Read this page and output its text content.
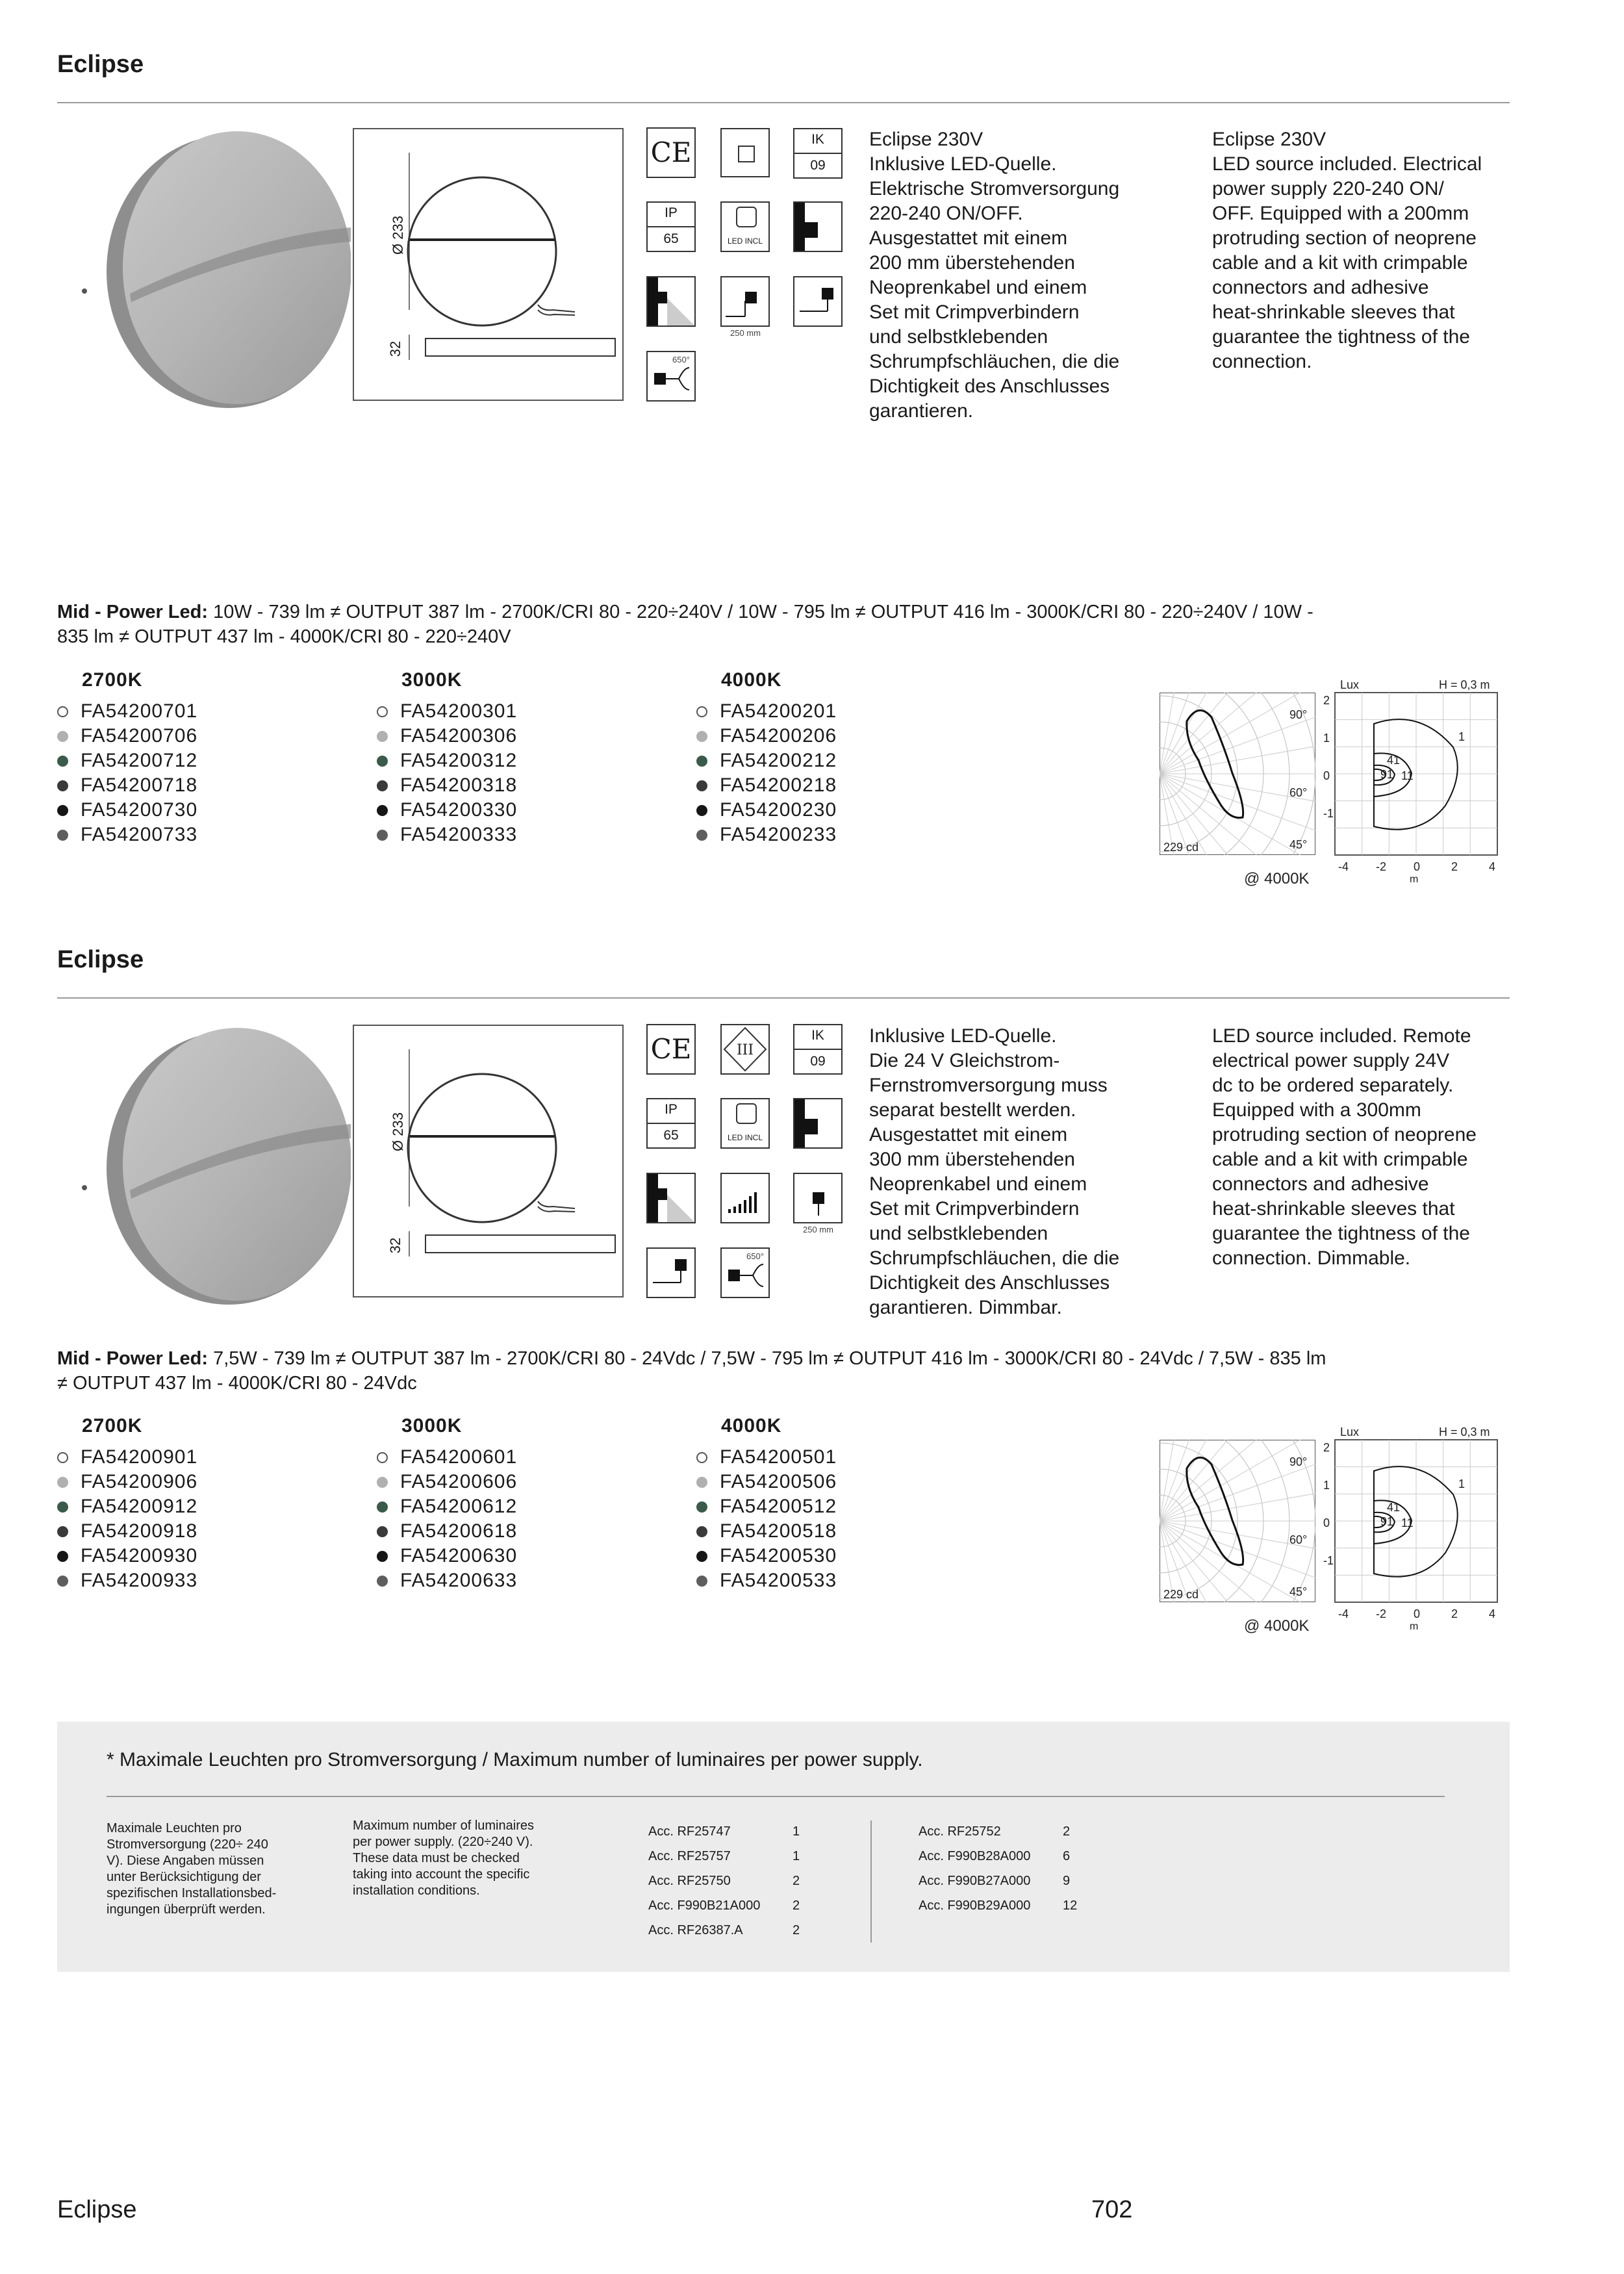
Eclipse
Ø 233
32
CE	IK
09
IP
65	LED INCL
250 mm
650°
Eclipse 230V
Inklusive LED-Quelle.
Elektrische Stromversorgung
220-240 ON/OFF.
Ausgestattet mit einem
200 mm überstehenden
Neoprenkabel und einem
Set mit Crimpverbindern
und selbstklebenden
Schrumpfschläuchen, die die
Dichtigkeit des Anschlusses
garantieren.
Eclipse 230V
LED source included. Electrical
power supply 220-240 ON/
OFF. Equipped with a 200mm
protruding section of neoprene
cable and a kit with crimpable
connectors and adhesive
heat-shrinkable sleeves that
guarantee the tightness of the
connection.
Mid - Power Led: 10W - 739 lm ≠ OUTPUT 387 lm - 2700K/CRI 80 - 220÷240V / 10W - 795 lm ≠ OUTPUT 416 lm - 3000K/CRI 80 - 220÷240V / 10W -
835 lm ≠ OUTPUT 437 lm - 4000K/CRI 80 - 220÷240V
2700K
FA54200701
FA54200706
FA54200712
FA54200718
FA54200730
FA54200733
3000K
FA54200301
FA54200306
FA54200312
FA54200318
FA54200330
FA54200333
4000K
FA54200201
FA54200206
FA54200212
FA54200218
FA54200230
FA54200233
90°
60°
45°
229 cd
Lux	H = 0,3 m
2
1
0
-1
-4 -2 0	2	4
m
1
41
91 11
@ 4000K
Eclipse
Ø 233
32
CE	III
IK
09
IP
65	LED INCL
250 mm
650°
Inklusive LED-Quelle.
Die 24 V Gleichstrom-
Fernstromversorgung muss
separat bestellt werden.
Ausgestattet mit einem
300 mm überstehenden
Neoprenkabel und einem
Set mit Crimpverbindern
und selbstklebenden
Schrumpfschläuchen, die die
Dichtigkeit des Anschlusses
garantieren. Dimmbar.
LED source included. Remote
electrical power supply 24V
dc to be ordered separately.
Equipped with a 300mm
protruding section of neoprene
cable and a kit with crimpable
connectors and adhesive
heat-shrinkable sleeves that
guarantee the tightness of the
connection. Dimmable.
Mid - Power Led: 7,5W - 739 lm ≠ OUTPUT 387 lm - 2700K/CRI 80 - 24Vdc / 7,5W - 795 lm ≠ OUTPUT 416 lm - 3000K/CRI 80 - 24Vdc / 7,5W - 835 lm
≠ OUTPUT 437 lm - 4000K/CRI 80 - 24Vdc
2700K
FA54200901
FA54200906
FA54200912
FA54200918
FA54200930
FA54200933
3000K
FA54200601
FA54200606
FA54200612
FA54200618
FA54200630
FA54200633
4000K
FA54200501
FA54200506
FA54200512
FA54200518
FA54200530
FA54200533
90°
60°
45°
229 cd
Lux	H = 0,3 m
2
1
0
-1
-4 -2 0	2	4
m
1
41
91 11
@ 4000K
* Maximale Leuchten pro Stromversorgung / Maximum number of luminaires per power supply.
Maximale Leuchten pro
Stromversorgung (220÷ 240
V). Diese Angaben müssen
unter Berücksichtigung der
spezifischen Installationsbed-
ingungen überprüft werden.
Maximum number of luminaires
per power supply. (220÷240 V).
These data must be checked
taking into account the specific
installation conditions.
Acc. RF25747	1
Acc. RF25757	1
Acc. RF25750	2
Acc. F990B21A000	2
Acc. RF26387.A	2
Acc. RF25752	2
Acc. F990B28A000	6
Acc. F990B27A000	9
Acc. F990B29A000	12
Eclipse	702
